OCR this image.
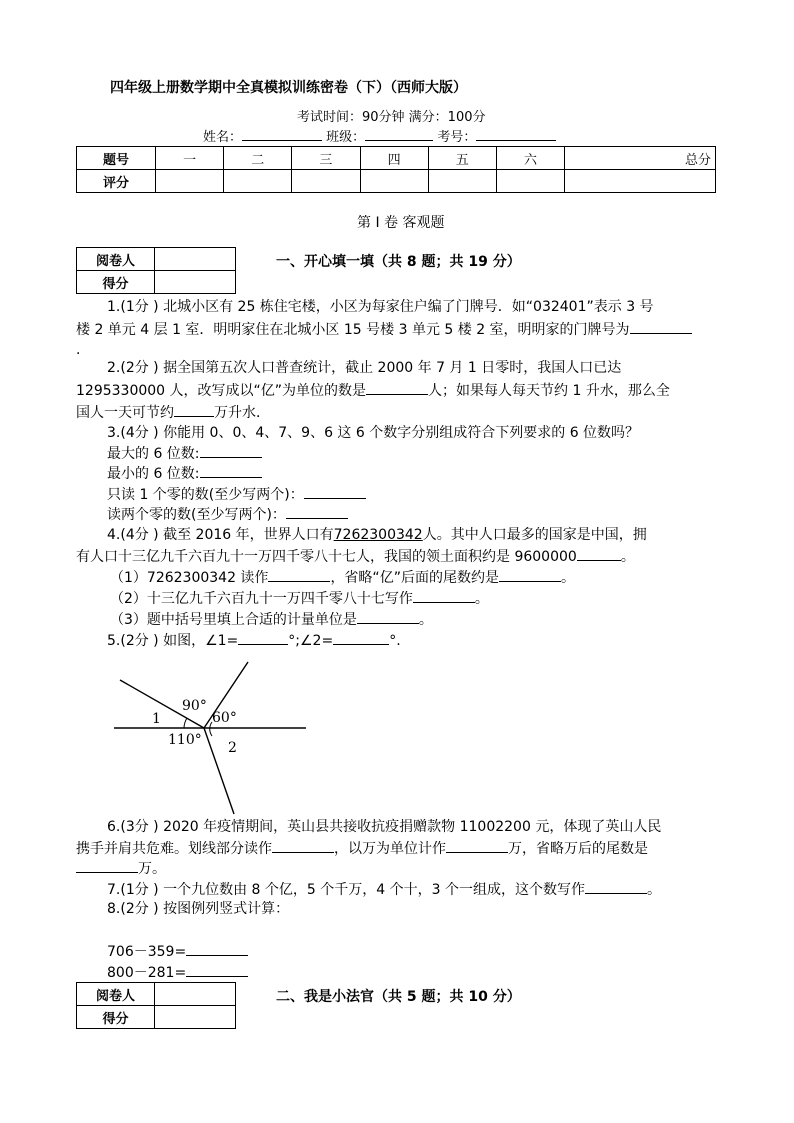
四年级上册数学期中全真模拟训练密卷（下）（西师大版）
考试时间：90分钟 满分：100分
姓名：	班级：	考号：
题号	一	二	三	四	五	六	总分
评分							
第 I 卷 客观题
阅卷人	
得分	
一、开心填一填（共 8 题；共 19 分）
1.(1分 ) 北城小区有 25 栋住宅楼，小区为每家住户编了门牌号．如“032401”表示 3 号
楼 2 单元 4 层 1 室．明明家住在北城小区 15 号楼 3 单元 5 楼 2 室，明明家的门牌号为
.
2.(2分 ) 据全国第五次人口普查统计，截止 2000 年 7 月 1 日零时，我国人口已达
1295330000 人，改写成以“亿”为单位的数是	人；如果每人每天节约 1 升水，那么全
国人一天可节约	万升水．
3.(4分 ) 你能用 0、0、4、7、9、6 这 6 个数字分别组成符合下列要求的 6 位数吗？
最大的 6 位数:
最小的 6 位数:
只读 1 个零的数(至少写两个)：
读两个零的数(至少写两个)：
4.(4分 ) 截至 2016 年，世界人口有7262300342人。其中人口最多的国家是中国，拥
有人口十三亿九千六百九十一万四千零八十七人，我国的领土面积约是 9600000	。
（1）7262300342 读作	，省略“亿”后面的尾数约是	。
（2）十三亿九千六百九十一万四千零八十七写作	。
（3）题中括号里填上合适的计量单位是	。
5.(2分 ) 如图，∠1=	°;∠2=	°.
1
90°
60°
110° 2
6.(3分 ) 2020 年疫情期间，英山县共接收抗疫捐赠款物 11002200 元，体现了英山人民
携手并肩共危难。划线部分读作	，以万为单位计作	万，省略万后的尾数是
万。
7.(1分 ) 一个九位数由 8 个亿，5 个千万，4 个十，3 个一组成，这个数写作	。
8.(2分 ) 按图例列竖式计算：
706－359=
800－281=
阅卷人	
得分	
二、我是小法官（共 5 题；共 10 分）
